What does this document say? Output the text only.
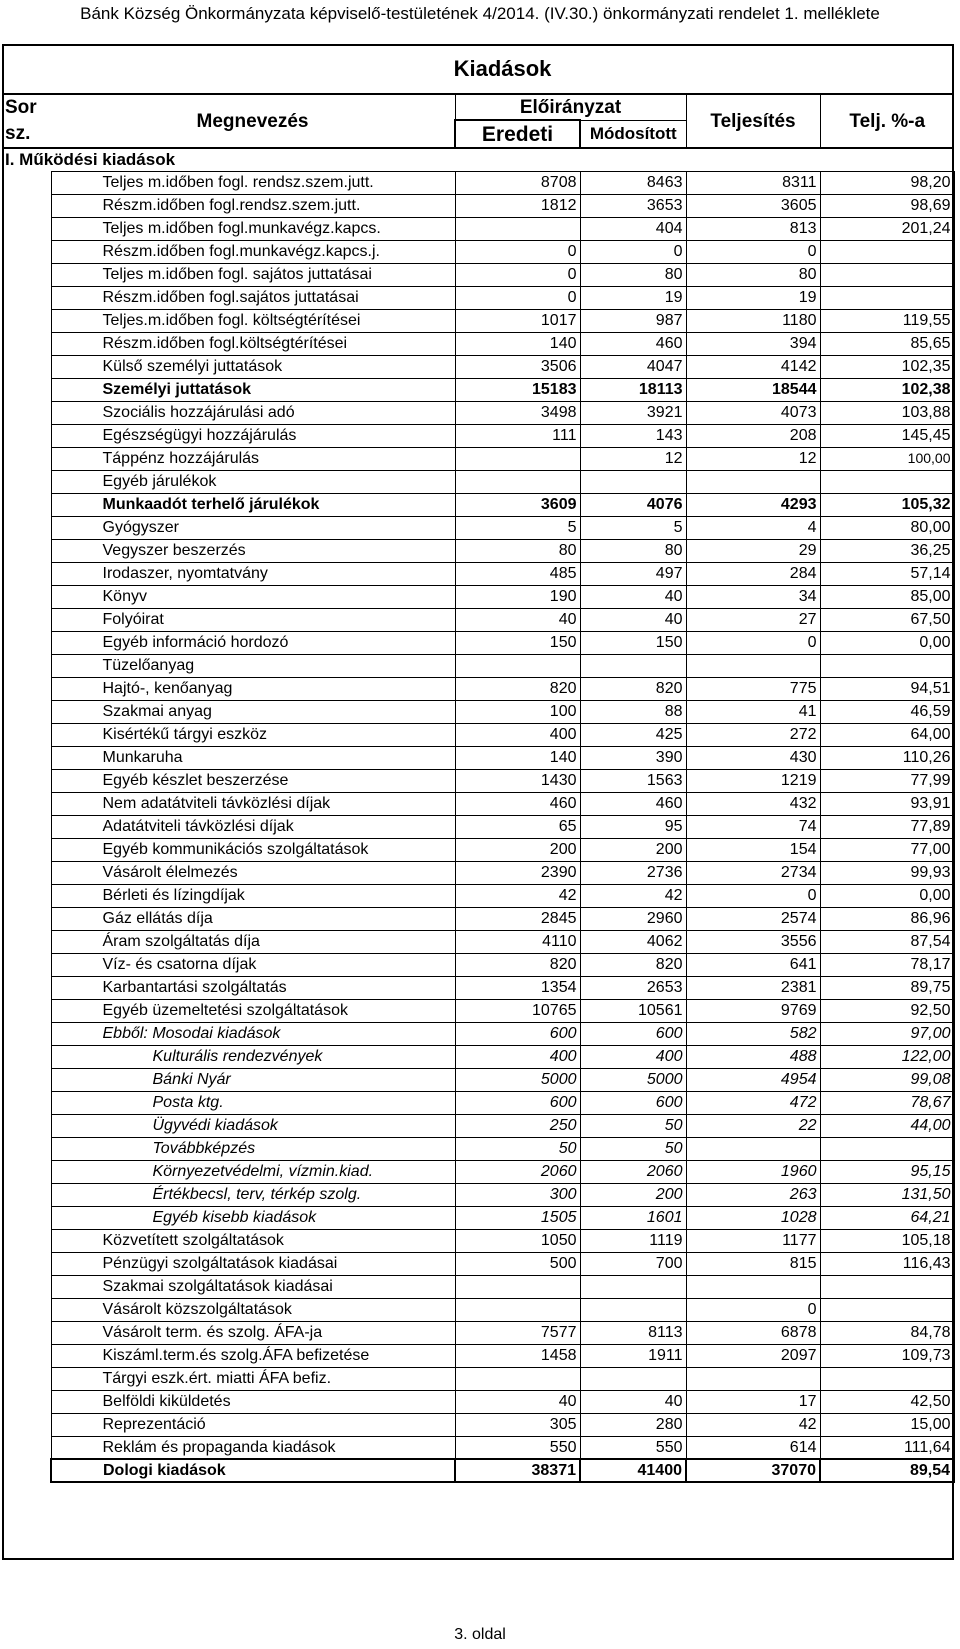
Bánk Község Önkormányzata képviselő-testületének 4/2014. (IV.30.) önkormányzati rendelet 1. melléklete
	Kiadások				
Sor	Megnevezés	Előirányzat		Teljesítés	Telj. %-a
sz.		Eredeti	Módosított		
I. Működési kiadások					
	Teljes m.időben fogl. rendsz.szem.jutt.	8708	8463	8311	98,20
	Részm.időben fogl.rendsz.szem.jutt.	1812	3653	3605	98,69
	Teljes m.időben fogl.munkavégz.kapcs.		404	813	201,24
	Részm.időben fogl.munkavégz.kapcs.j.	0	0	0	
	Teljes m.időben fogl. sajátos juttatásai	0	80	80	
	Részm.időben fogl.sajátos juttatásai	0	19	19	
	Teljes.m.időben fogl. költségtérítései	1017	987	1180	119,55
	Részm.időben fogl.költségtérítései	140	460	394	85,65
	Külső személyi juttatások	3506	4047	4142	102,35
	Személyi juttatások	15183	18113	18544	102,38
	Szociális hozzájárulási adó	3498	3921	4073	103,88
	Egészségügyi hozzájárulás	111	143	208	145,45
	Táppénz hozzájárulás		12	12	100,00
	Egyéb járulékok				
	Munkaadót terhelő járulékok	3609	4076	4293	105,32
	Gyógyszer	5	5	4	80,00
	Vegyszer beszerzés	80	80	29	36,25
	Irodaszer, nyomtatvány	485	497	284	57,14
	Könyv	190	40	34	85,00
	Folyóirat	40	40	27	67,50
	Egyéb információ hordozó	150	150	0	0,00
	Tüzelőanyag				
	Hajtó-, kenőanyag	820	820	775	94,51
	Szakmai anyag	100	88	41	46,59
	Kisértékű tárgyi eszköz	400	425	272	64,00
	Munkaruha	140	390	430	110,26
	Egyéb készlet beszerzése	1430	1563	1219	77,99
	Nem adatátviteli távközlési díjak	460	460	432	93,91
	Adatátviteli távközlési díjak	65	95	74	77,89
	Egyéb kommunikációs szolgáltatások	200	200	154	77,00
	Vásárolt élelmezés	2390	2736	2734	99,93
	Bérleti és lízingdíjak	42	42	0	0,00
	Gáz ellátás díja	2845	2960	2574	86,96
	Áram szolgáltatás díja	4110	4062	3556	87,54
	Víz- és csatorna díjak	820	820	641	78,17
	Karbantartási szolgáltatás	1354	2653	2381	89,75
	Egyéb üzemeltetési szolgáltatások	10765	10561	9769	92,50
	Ebből: Mosodai kiadások	600	600	582	97,00
	Kulturális rendezvények	400	400	488	122,00
	Bánki Nyár	5000	5000	4954	99,08
	Posta ktg.	600	600	472	78,67
	Ügyvédi kiadások	250	50	22	44,00
	Továbbképzés	50	50		
	Környezetvédelmi, vízmin.kiad.	2060	2060	1960	95,15
	Értékbecsl, terv, térkép szolg.	300	200	263	131,50
	Egyéb kisebb kiadások	1505	1601	1028	64,21
	Közvetített szolgáltatások	1050	1119	1177	105,18
	Pénzügyi szolgáltatások kiadásai	500	700	815	116,43
	Szakmai szolgáltatások kiadásai				
	Vásárolt közszolgáltatások			0	
	Vásárolt term. és szolg. ÁFA-ja	7577	8113	6878	84,78
	Kiszáml.term.és szolg.ÁFA befizetése	1458	1911	2097	109,73
	Tárgyi eszk.ért. miatti ÁFA befiz.				
	Belföldi kiküldetés	40	40	17	42,50
	Reprezentáció	305	280	42	15,00
	Reklám és propaganda kiadások	550	550	614	111,64
	Dologi kiadások	38371	41400	37070	89,54
3. oldal
